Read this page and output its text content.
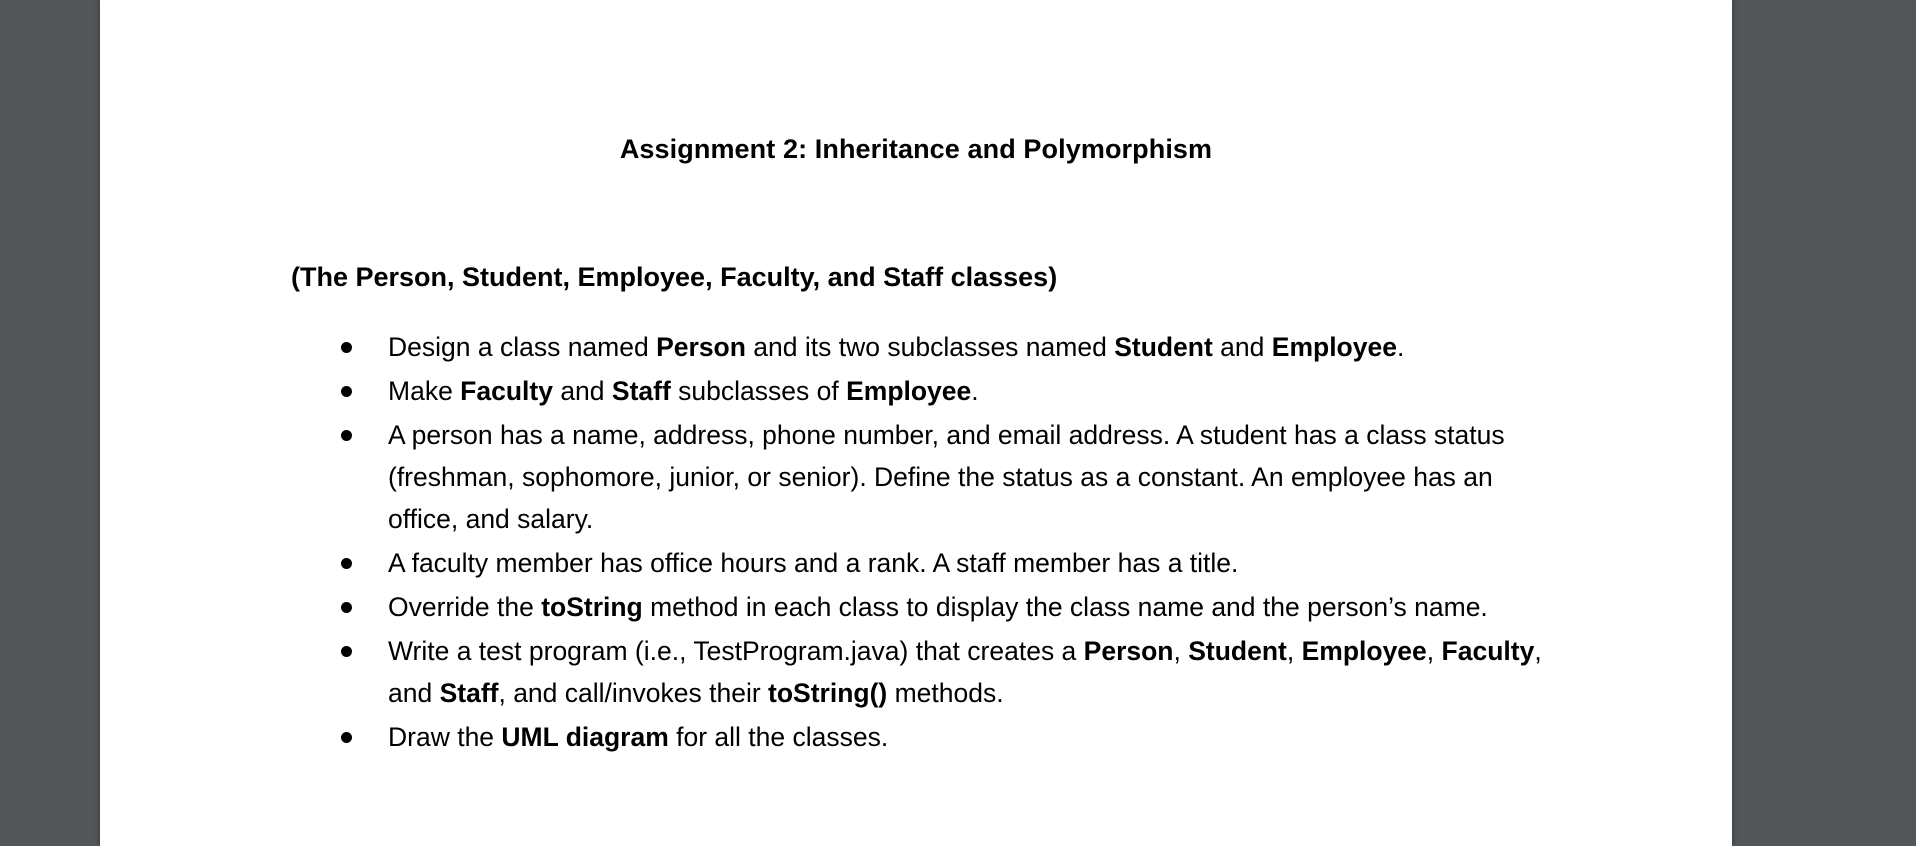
Assignment 2: Inheritance and Polymorphism
(The Person, Student, Employee, Faculty, and Staff classes)
Design a class named Person and its two subclasses named Student and Employee.
Make Faculty and Staff subclasses of Employee.
A person has a name, address, phone number, and email address. A student has a class status (freshman, sophomore, junior, or senior). Define the status as a constant. An employee has an office, and salary.
A faculty member has office hours and a rank. A staff member has a title.
Override the toString method in each class to display the class name and the person’s name.
Write a test program (i.e., TestProgram.java) that creates a Person, Student, Employee, Faculty, and Staff, and call/invokes their toString() methods.
Draw the UML diagram for all the classes.
